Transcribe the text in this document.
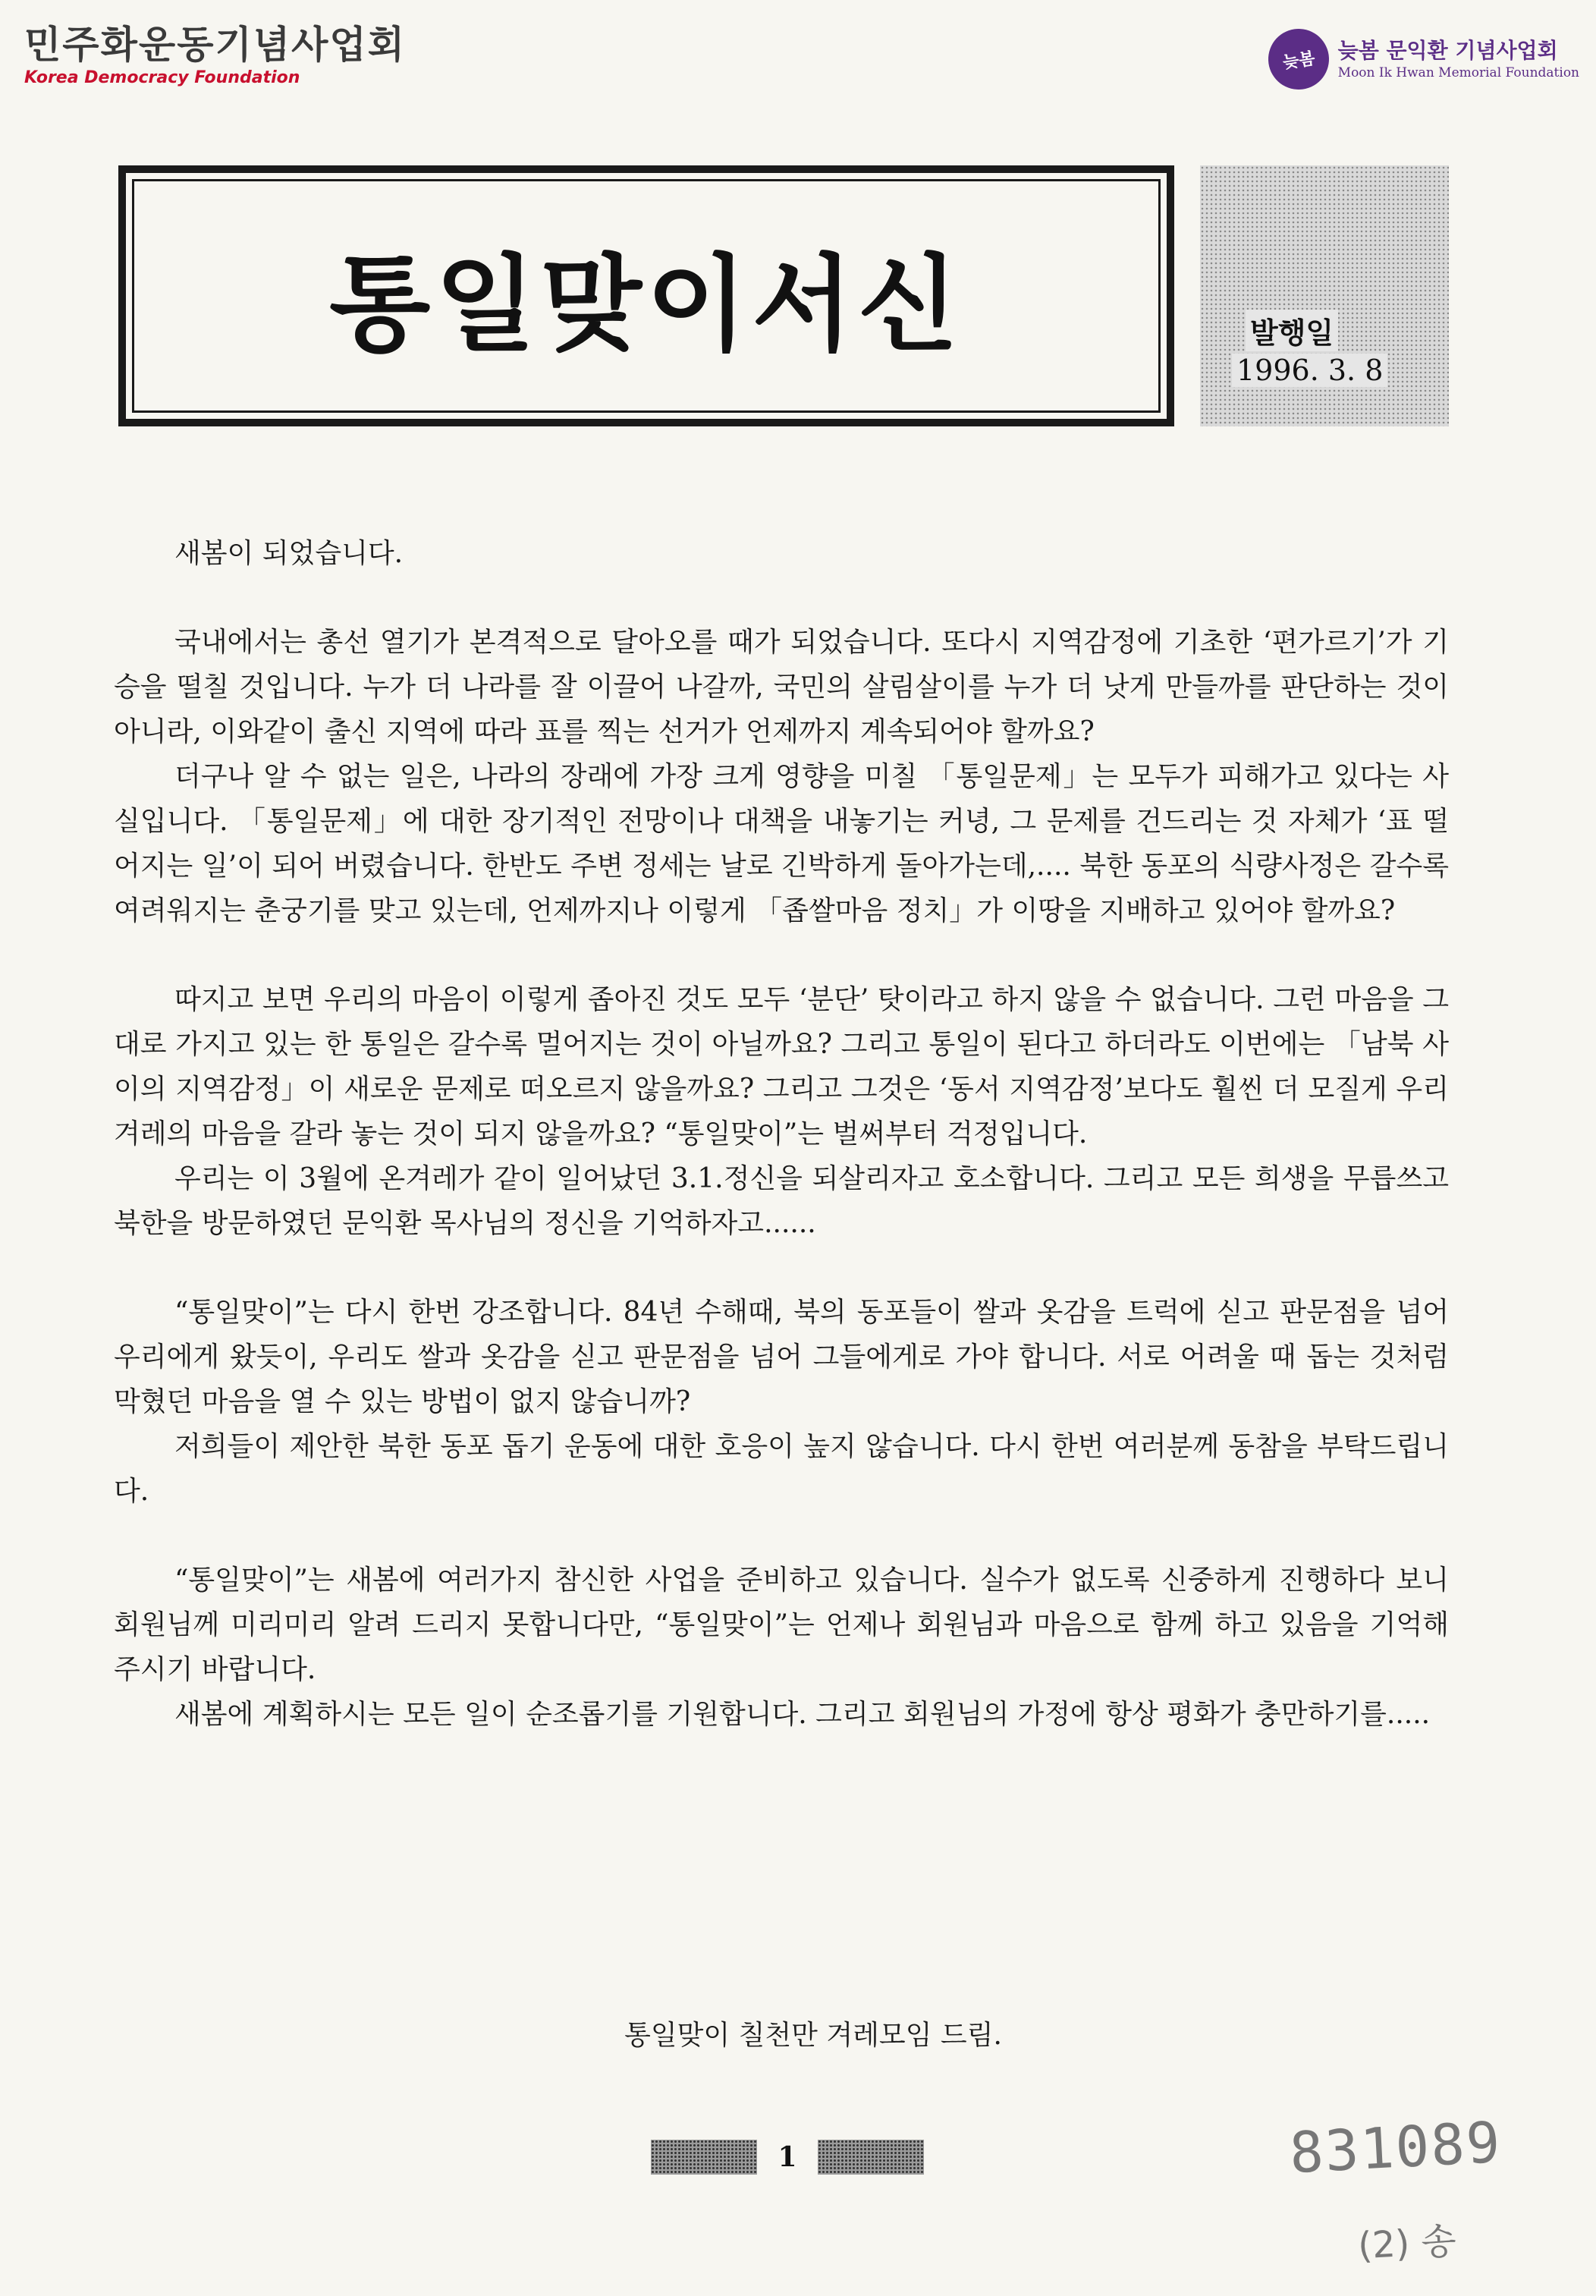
민주화운동기념사업회
Korea Democracy Foundation
늦봄	늦봄 문익환 기념사업회
Moon Ik Hwan Memorial Foundation
통일맞이서신	발행일
1996. 3. 8

새봄이 되었습니다.

국내에서는 총선 열기가 본격적으로 달아오를 때가 되었습니다. 또다시 지역감정에 기초한 ‘편가르기’가 기승을 떨칠 것입니다. 누가 더 나라를 잘 이끌어 나갈까, 국민의 살림살이를 누가 더 낫게 만들까를 판단하는 것이 아니라, 이와같이 출신 지역에 따라 표를 찍는 선거가 언제까지 계속되어야 할까요?

더구나 알 수 없는 일은, 나라의 장래에 가장 크게 영향을 미칠 「통일문제」는 모두가 피해가고 있다는 사실입니다. 「통일문제」에 대한 장기적인 전망이나 대책을 내놓기는 커녕, 그 문제를 건드리는 것 자체가 ‘표 떨어지는 일’이 되어 버렸습니다. 한반도 주변 정세는 날로 긴박하게 돌아가는데,.... 북한 동포의 식량사정은 갈수록 여려워지는 춘궁기를 맞고 있는데, 언제까지나 이렇게 「좁쌀마음 정치」가 이땅을 지배하고 있어야 할까요?

따지고 보면 우리의 마음이 이렇게 좁아진 것도 모두 ‘분단’ 탓이라고 하지 않을 수 없습니다. 그런 마음을 그대로 가지고 있는 한 통일은 갈수록 멀어지는 것이 아닐까요? 그리고 통일이 된다고 하더라도 이번에는 「남북 사이의 지역감정」이 새로운 문제로 떠오르지 않을까요? 그리고 그것은 ‘동서 지역감정’보다도 훨씬 더 모질게 우리 겨레의 마음을 갈라 놓는 것이 되지 않을까요? “통일맞이”는 벌써부터 걱정입니다.

우리는 이 3월에 온겨레가 같이 일어났던 3.1.정신을 되살리자고 호소합니다. 그리고 모든 희생을 무릅쓰고 북한을 방문하였던 문익환 목사님의 정신을 기억하자고......

“통일맞이”는 다시 한번 강조합니다. 84년 수해때, 북의 동포들이 쌀과 옷감을 트럭에 싣고 판문점을 넘어 우리에게 왔듯이, 우리도 쌀과 옷감을 싣고 판문점을 넘어 그들에게로 가야 합니다. 서로 어려울 때 돕는 것처럼 막혔던 마음을 열 수 있는 방법이 없지 않습니까?

저희들이 제안한 북한 동포 돕기 운동에 대한 호응이 높지 않습니다. 다시 한번 여러분께 동참을 부탁드립니다.

“통일맞이”는 새봄에 여러가지 참신한 사업을 준비하고 있습니다. 실수가 없도록 신중하게 진행하다 보니 회원님께 미리미리 알려 드리지 못합니다만, “통일맞이”는 언제나 회원님과 마음으로 함께 하고 있음을 기억해 주시기 바랍니다.

새봄에 계획하시는 모든 일이 순조롭기를 기원합니다. 그리고 회원님의 가정에 항상 평화가 충만하기를.....

통일맞이 칠천만 겨레모임 드림.
1	831089
(2) 송
